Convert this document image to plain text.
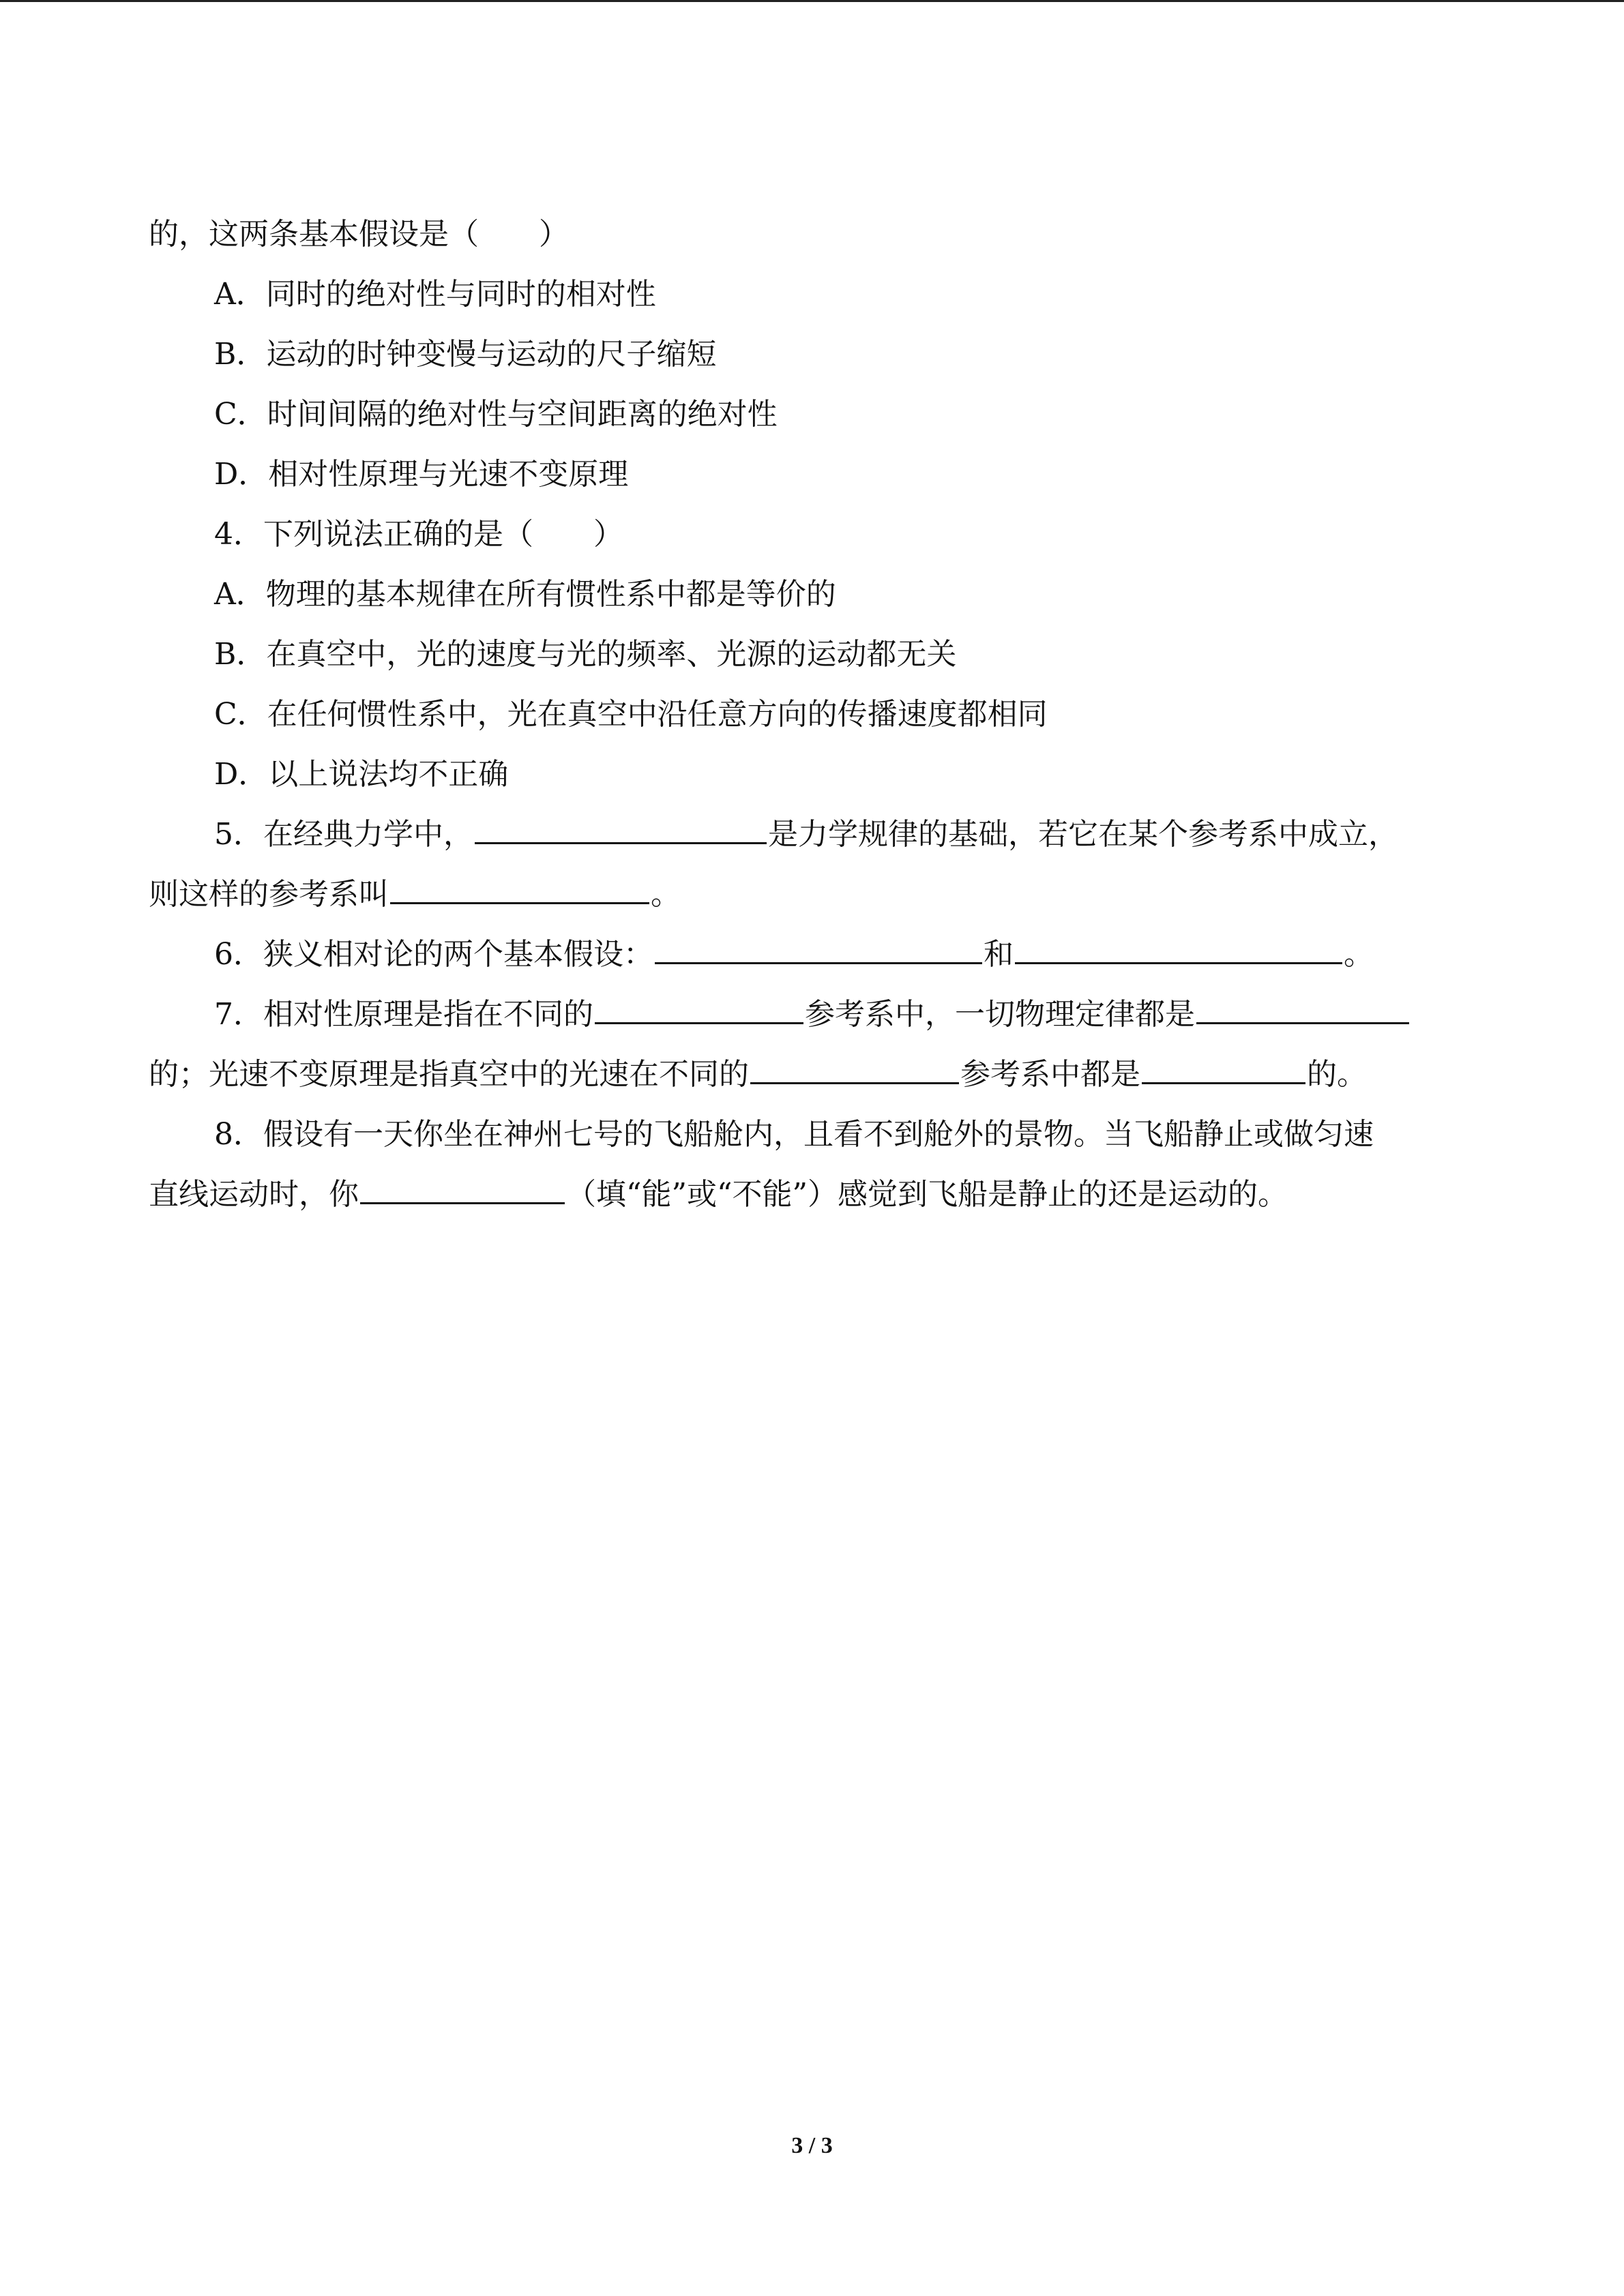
的，这两条基本假设是（　　）
A．同时的绝对性与同时的相对性
B．运动的时钟变慢与运动的尺子缩短
C．时间间隔的绝对性与空间距离的绝对性
D．相对性原理与光速不变原理
4．下列说法正确的是（　　）
A．物理的基本规律在所有惯性系中都是等价的
B．在真空中，光的速度与光的频率、光源的运动都无关
C．在任何惯性系中，光在真空中沿任意方向的传播速度都相同
D．以上说法均不正确
5．在经典力学中，	是力学规律的基础，若它在某个参考系中成立，
则这样的参考系叫	。
6．狭义相对论的两个基本假设：	和	。
7．相对性原理是指在不同的	参考系中，一切物理定律都是
的；光速不变原理是指真空中的光速在不同的	参考系中都是	的。
8．假设有一天你坐在神州七号的飞船舱内，且看不到舱外的景物。当飞船静止或做匀速
直线运动时，你	（填“能”或“不能”）感觉到飞船是静止的还是运动的。
3 / 3
